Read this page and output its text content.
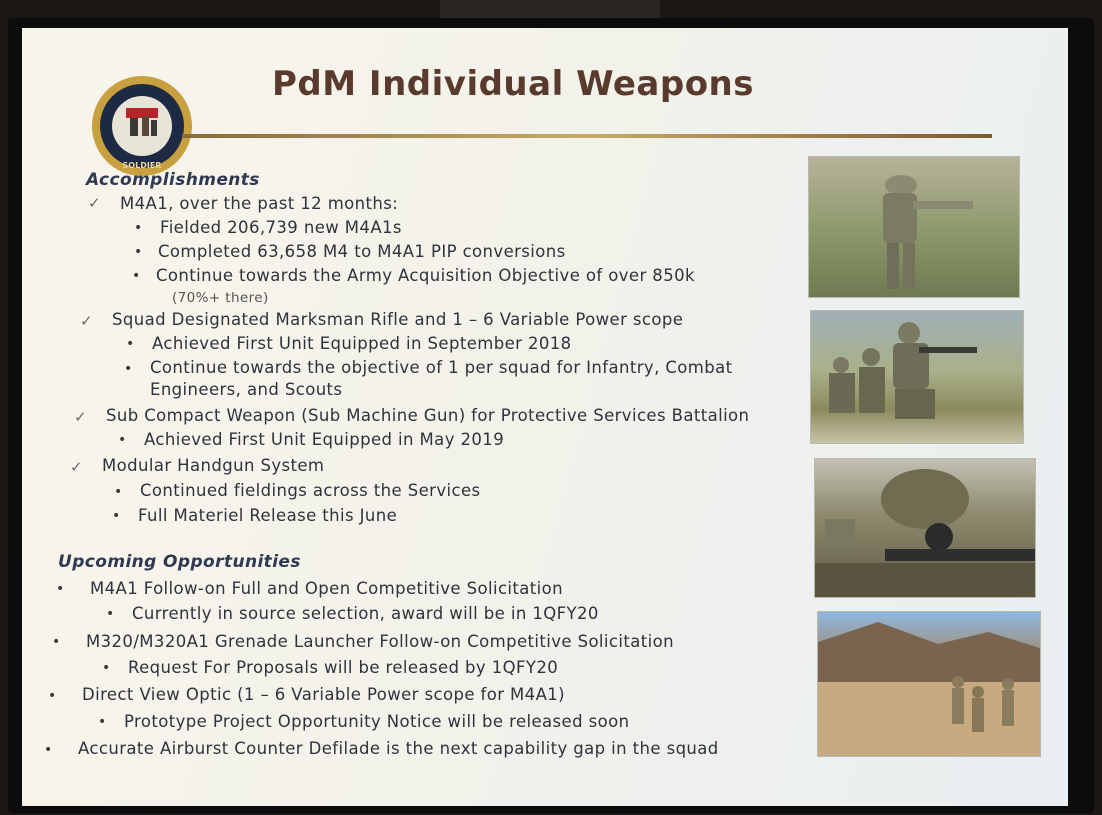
SOLDIER
PdM Individual Weapons
Accomplishments
✓ M4A1, over the past 12 months:
• Fielded 206,739 new M4A1s
• Completed 63,658 M4 to M4A1 PIP conversions
• Continue towards the Army Acquisition Objective of over 850k
(70%+ there)
✓ Squad Designated Marksman Rifle and 1 – 6 Variable Power scope
• Achieved First Unit Equipped in September 2018
• Continue towards the objective of 1 per squad for Infantry, Combat
Engineers, and Scouts
✓ Sub Compact Weapon (Sub Machine Gun) for Protective Services Battalion
• Achieved First Unit Equipped in May 2019
✓ Modular Handgun System
• Continued fieldings across the Services
• Full Materiel Release this June
Upcoming Opportunities
• M4A1 Follow-on Full and Open Competitive Solicitation
• Currently in source selection, award will be in 1QFY20
• M320/M320A1 Grenade Launcher Follow-on Competitive Solicitation
• Request For Proposals will be released by 1QFY20
• Direct View Optic (1 – 6 Variable Power scope for M4A1)
• Prototype Project Opportunity Notice will be released soon
• Accurate Airburst Counter Defilade is the next capability gap in the squad
